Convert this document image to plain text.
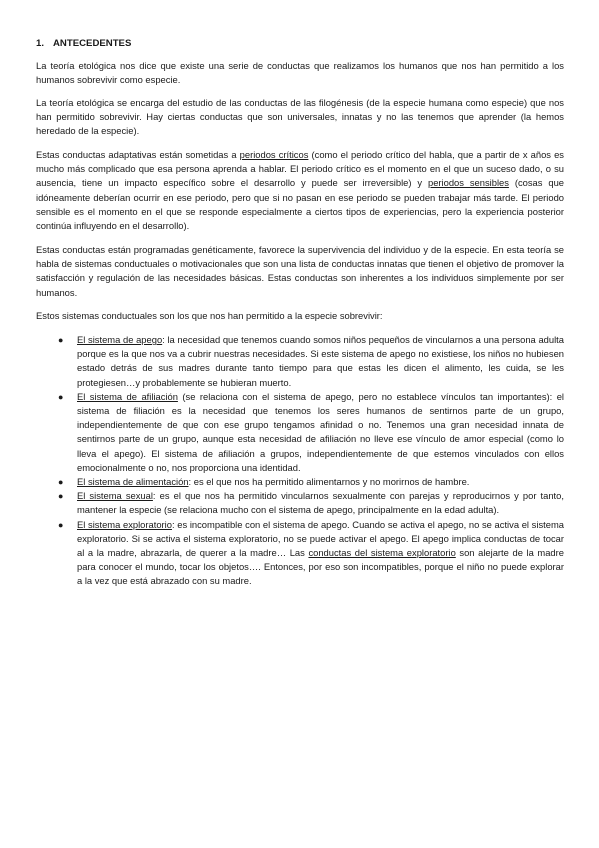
1. ANTECEDENTES

La teoría etológica nos dice que existe una serie de conductas que realizamos los humanos que nos han permitido a los humanos sobrevivir como especie.

La teoría etológica se encarga del estudio de las conductas de las filogénesis (de la especie humana como especie) que nos han permitido sobrevivir. Hay ciertas conductas que son universales, innatas y no las tenemos que aprender (la hemos heredado de la especie).

Estas conductas adaptativas están sometidas a periodos críticos (como el periodo crítico del habla, que a partir de x años es mucho más complicado que esa persona aprenda a hablar. El periodo crítico es el momento en el que un suceso dado, o su ausencia, tiene un impacto específico sobre el desarrollo y puede ser irreversible) y periodos sensibles (cosas que idóneamente deberían ocurrir en ese periodo, pero que si no pasan en ese periodo se pueden trabajar más tarde. El periodo sensible es el momento en el que se responde especialmente a ciertos tipos de experiencias, pero la experiencia posterior continúa influyendo en el desarrollo).

Estas conductas están programadas genéticamente, favorece la supervivencia del individuo y de la especie. En esta teoría se habla de sistemas conductuales o motivacionales que son una lista de conductas innatas que tienen el objetivo de promover la satisfacción y regulación de las necesidades básicas. Estas conductas son inherentes a los individuos simplemente por ser humanos.

Estos sistemas conductuales son los que nos han permitido a la especie sobrevivir:

● El sistema de apego: la necesidad que tenemos cuando somos niños pequeños de vincularnos a una persona adulta porque es la que nos va a cubrir nuestras necesidades. Si este sistema de apego no existiese, los niños no hubiesen estado detrás de sus madres durante tanto tiempo para que estas les dicen el alimento, les cuida, se les protegiesen…y probablemente se hubieran muerto.
● El sistema de afiliación (se relaciona con el sistema de apego, pero no establece vínculos tan importantes): el sistema de filiación es la necesidad que tenemos los seres humanos de sentirnos parte de un grupo, independientemente de que con ese grupo tengamos afinidad o no. Tenemos una gran necesidad innata de sentirnos parte de un grupo, aunque esta necesidad de afiliación no lleve ese vínculo de amor especial (como lo lleva el apego). El sistema de afiliación a grupos, independientemente de que estemos vinculados con ellos emocionalmente o no, nos proporciona una identidad.
● El sistema de alimentación: es el que nos ha permitido alimentarnos y no morirnos de hambre.
● El sistema sexual: es el que nos ha permitido vincularnos sexualmente con parejas y reproducirnos y por tanto, mantener la especie (se relaciona mucho con el sistema de apego, principalmente en la edad adulta).
● El sistema exploratorio: es incompatible con el sistema de apego. Cuando se activa el apego, no se activa el sistema exploratorio. Si se activa el sistema exploratorio, no se puede activar el apego. El apego implica conductas de tocar al a la madre, abrazarla, de querer a la madre… Las conductas del sistema exploratorio son alejarte de la madre para conocer el mundo, tocar los objetos…. Entonces, por eso son incompatibles, porque el niño no puede explorar a la vez que está abrazado con su madre.
